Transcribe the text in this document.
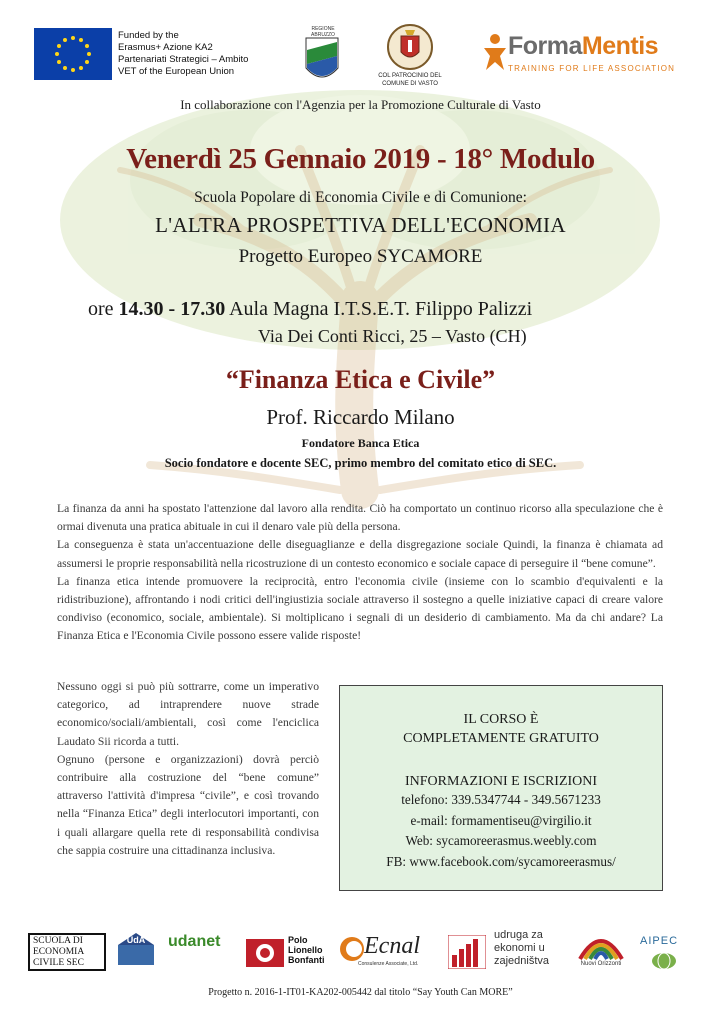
Funded by the
Erasmus+ Azione KA2
Partenariati Strategici – Ambito
VET of the European Union
REGIONE ABRUZZO
COL PATROCINIO DEL
COMUNE DI VASTO
FormaMentis
TRAINING FOR LIFE ASSOCIATION
In collaborazione con l'Agenzia per la Promozione Culturale di Vasto
Venerdì 25 Gennaio 2019 - 18° Modulo
Scuola Popolare di Economia Civile e di Comunione:
L'ALTRA PROSPETTIVA DELL'ECONOMIA
Progetto Europeo SYCAMORE
ore 14.30 - 17.30 Aula Magna I.T.S.E.T. Filippo Palizzi
Via Dei Conti Ricci, 25 – Vasto (CH)
“Finanza Etica e Civile”
Prof. Riccardo Milano
Fondatore Banca Etica
Socio fondatore e docente SEC, primo membro del comitato etico di SEC.

La finanza da anni ha spostato l'attenzione dal lavoro alla rendita. Ciò ha comportato un continuo ricorso alla speculazione che è ormai divenuta una pratica abituale in cui il denaro vale più della persona.

La conseguenza è stata un'accentuazione delle diseguaglianze e della disgregazione sociale Quindi, la finanza è chiamata ad assumersi le proprie responsabilità nella ricostruzione di un contesto economico e sociale capace di perseguire il “bene comune”.

La finanza etica intende promuovere la reciprocità, entro l'economia civile (insieme con lo scambio d'equivalenti e la ridistribuzione), affrontando i nodi critici dell'ingiustizia sociale attraverso il sostegno a quelle iniziative capaci di creare valore condiviso (economico, sociale, ambientale). Si moltiplicano i segnali di un desiderio di cambiamento. Ma da chi andare? La Finanza Etica e l'Economia Civile possono essere valide risposte!

Nessuno oggi si può più sottrarre, come un imperativo categorico, ad intraprendere nuove strade economico/sociali/ambientali, così come l'enciclica Laudato Sii ricorda a tutti.

Ognuno (persone e organizzazioni) dovrà perciò contribuire alla costruzione del “bene comune” attraverso l'attività d'impresa “civile”, e così trovando nella “Finanza Etica” degli interlocutori importanti, con i quali allargare quella rete di responsabilità condivisa che sappia costruire una cittadinanza inclusiva.

IL CORSO È
COMPLETAMENTE GRATUITO
INFORMAZIONI E ISCRIZIONI
telefono: 339.5347744 - 349.5671233
e-mail: formamentiseu@virgilio.it
Web: sycamoreerasmus.weebly.com
FB: www.facebook.com/sycamoreerasmus/
SCUOLA DI
ECONOMIA
CIVILE SEC
UdA udanet	Polo
Lionello
Bonfanti
Ecnal
Consulenze Associate, Ltd.
udruga za
ekonomi u
zajedništva	Nuovi Orizzonti
AIPEC
Progetto n. 2016-1-IT01-KA202-005442 dal titolo “Say Youth Can MORE”
